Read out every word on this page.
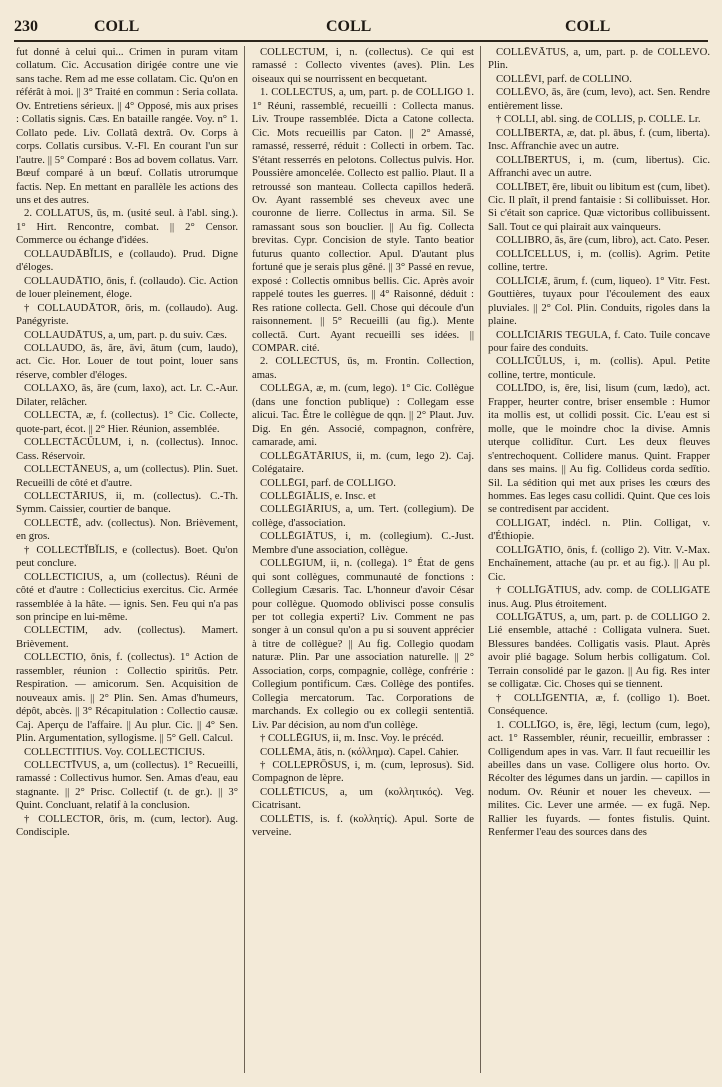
230	COLL	COLL	COLL
fut donné à celui qui... Crimen in puram vitam collatum. Cic. Accusation dirigée contre une vie sans tache. Rem ad me esse collatam. Cic. Qu'on en référât à moi. || 3° Traité en commun : Seria collata. Ov. Entretiens sérieux. || 4° Opposé, mis aux prises : Collatis signis. Cæs. En bataille rangée. Voy. n° 1. Collato pede. Liv. Collatâ dextrâ. Ov. Corps à corps. Collatis cursibus. V.-Fl. En courant l'un sur l'autre. || 5° Comparé : Bos ad bovem collatus. Varr. Bœuf comparé à un bœuf. Collatis utrorumque factis. Nep. En mettant en parallèle les actions des uns et des autres.
2. COLLATUS, ūs, m. (usité seul. à l'abl. sing.). 1° Hirt. Rencontre, combat. || 2° Censor. Commerce ou échange d'idées.
COLLAUDĀBĬLIS, e (collaudo). Prud. Digne d'éloges.
COLLAUDĀTIO, ōnis, f. (collaudo). Cic. Action de louer pleinement, éloge.
† COLLAUDĀTOR, ōris, m. (collaudo). Aug. Panégyriste.
COLLAUDĀTUS, a, um, part. p. du suiv. Cæs.
COLLAUDO, ās, āre, āvi, ātum (cum, laudo), act. Cic. Hor. Louer de tout point, louer sans réserve, combler d'éloges.
COLLAXO, ās, āre (cum, laxo), act. Lr. C.-Aur. Dilater, relâcher.
COLLECTA, æ, f. (collectus). 1° Cic. Collecte, quote-part, écot. || 2° Hier. Réunion, assemblée.
COLLECTĀCŬLUM, i, n. (collectus). Innoc. Cass. Réservoir.
COLLECTĀNEUS, a, um (collectus). Plin. Suet. Recueilli de côté et d'autre.
COLLECTĀRIUS, ii, m. (collectus). C.-Th. Symm. Caissier, courtier de banque.
COLLECTĒ, adv. (collectus). Non. Brièvement, en gros.
† COLLECTĬBĬLIS, e (collectus). Boet. Qu'on peut conclure.
COLLECTICIUS, a, um (collectus). Réuni de côté et d'autre : Collecticius exercitus. Cic. Armée rassemblée à la hâte. — ignis. Sen. Feu qui n'a pas son principe en lui-même.
COLLECTIM, adv. (collectus). Mamert. Brièvement.
COLLECTIO, ōnis, f. (collectus). 1° Action de rassembler, réunion : Collectio spiritūs. Petr. Respiration. — amicorum. Sen. Acquisition de nouveaux amis. || 2° Plin. Sen. Amas d'humeurs, dépôt, abcès. || 3° Récapitulation : Collectio causæ. Caj. Aperçu de l'affaire. || Au plur. Cic. || 4° Sen. Plin. Argumentation, syllogisme. || 5° Gell. Calcul.
COLLECTITIUS. Voy. COLLECTICIUS.
COLLECTĪVUS, a, um (collectus). 1° Recueilli, ramassé : Collectivus humor. Sen. Amas d'eau, eau stagnante. || 2° Prisc. Collectif (t. de gr.). || 3° Quint. Concluant, relatif à la conclusion.
† COLLECTOR, ōris, m. (cum, lector). Aug. Condisciple.
COLLECTUM, i, n. (collectus). Ce qui est ramassé : Collecto viventes (aves). Plin. Les oiseaux qui se nourrissent en becquetant.
1. COLLECTUS, a, um, part. p. de COLLIGO 1. 1° Réuni, rassemblé, recueilli : Collecta manus. Liv. Troupe rassemblée. Dicta a Catone collecta. Cic. Mots recueillis par Caton. || 2° Amassé, ramassé, resserré, réduit : Collecti in orbem. Tac. S'étant resserrés en pelotons. Collectus pulvis. Hor. Poussière amoncelée. Collecto est pallio. Plaut. Il a retroussé son manteau. Collecta capillos hederā. Ov. Ayant rassemblé ses cheveux avec une couronne de lierre. Collectus in arma. Sil. Se ramassant sous son bouclier. || Au fig. Collecta brevitas. Cypr. Concision de style. Tanto beatior futurus quanto collectior. Apul. D'autant plus fortuné que je serais plus gêné. || 3° Passé en revue, exposé : Collectis omnibus bellis. Cic. Après avoir rappelé toutes les guerres. || 4° Raisonné, déduit : Res ratione collecta. Gell. Chose qui découle d'un raisonnement. || 5° Recueilli (au fig.). Mente collectā. Curt. Ayant recueilli ses idées. || COMPAR. cité.
2. COLLECTUS, ūs, m. Frontin. Collection, amas.
COLLĒGA, æ, m. (cum, lego). 1° Cic. Collègue (dans une fonction publique) : Collegam esse alicui. Tac. Être le collègue de qqn. || 2° Plaut. Juv. Dig. En gén. Associé, compagnon, confrère, camarade, ami.
COLLĒGĀTĀRIUS, ii, m. (cum, lego 2). Caj. Colégataire.
COLLĒGI, parf. de COLLIGO.
COLLĒGIĀLIS, e. Insc. et
COLLĒGIĀRIUS, a, um. Tert. (collegium). De collège, d'association.
COLLĒGIĀTUS, i, m. (collegium). C.-Just. Membre d'une association, collègue.
COLLĒGIUM, ii, n. (collega). 1° État de gens qui sont collègues, communauté de fonctions : Collegium Cæsaris. Tac. L'honneur d'avoir César pour collègue. Quomodo oblivisci posse consulis per tot collegia experti? Liv. Comment ne pas songer à un consul qu'on a pu si souvent apprécier à titre de collègue? || Au fig. Collegio quodam naturæ. Plin. Par une association naturelle. || 2° Association, corps, compagnie, collège, confrérie : Collegium pontificum. Cæs. Collège des pontifes. Collegia mercatorum. Tac. Corporations de marchands. Ex collegio ou ex collegii sententiā. Liv. Par décision, au nom d'un collège.
† COLLĒGIUS, ii, m. Insc. Voy. le précéd.
COLLĒMA, ătis, n. (κόλλημα). Capel. Cahier.
† COLLEPRŌSUS, i, m. (cum, leprosus). Sid. Compagnon de lèpre.
COLLĒTICUS, a, um (κολλητικός). Veg. Cicatrisant.
COLLĒTIS, is. f. (κολλητίς). Apul. Sorte de verveine.
COLLĒVĀTUS, a, um, part. p. de COLLEVO. Plin.
COLLĒVI, parf. de COLLINO.
COLLĒVO, ās, āre (cum, levo), act. Sen. Rendre entièrement lisse.
† COLLI, abl. sing. de COLLIS, p. COLLE. Lr.
COLLĪBERTA, æ, dat. pl. ābus, f. (cum, liberta). Insc. Affranchie avec un autre.
COLLĪBERTUS, i, m. (cum, libertus). Cic. Affranchi avec un autre.
COLLĪBET, ēre, libuit ou libitum est (cum, libet). Cic. Il plaît, il prend fantaisie : Si collibuisset. Hor. Si c'était son caprice. Quæ victoribus collibuissent. Sall. Tout ce qui plairait aux vainqueurs.
COLLIBRO, ās, āre (cum, libro), act. Cato. Peser.
COLLĪCELLUS, i, m. (collis). Agrim. Petite colline, tertre.
COLLĪCIÆ, ārum, f. (cum, liqueo). 1° Vitr. Fest. Gouttières, tuyaux pour l'écoulement des eaux pluviales. || 2° Col. Plin. Conduits, rigoles dans la plaine.
COLLĪCIĀRIS TEGULA, f. Cato. Tuile concave pour faire des conduits.
COLLĪCŬLUS, i, m. (collis). Apul. Petite colline, tertre, monticule.
COLLĪDO, is, ēre, lisi, lisum (cum, lædo), act. Frapper, heurter contre, briser ensemble : Humor ita mollis est, ut collidi possit. Cic. L'eau est si molle, que le moindre choc la divise. Amnis uterque collidītur. Curt. Les deux fleuves s'entrechoquent. Collidere manus. Quint. Frapper dans ses mains. || Au fig. Collideus corda sedītio. Sil. La sédition qui met aux prises les cœurs des hommes. Eas leges casu collidi. Quint. Que ces lois se contredisent par accident.
COLLIGAT, indécl. n. Plin. Colligat, v. d'Éthiopie.
COLLĪGĀTIO, ōnis, f. (colligo 2). Vitr. V.-Max. Enchaînement, attache (au pr. et au fig.). || Au pl. Cic.
† COLLĪGĀTIUS, adv. comp. de COLLIGATE inus. Aug. Plus étroitement.
COLLĪGĀTUS, a, um, part. p. de COLLIGO 2. Lié ensemble, attaché : Colligata vulnera. Suet. Blessures bandées. Colligatis vasis. Plaut. Après avoir plié bagage. Solum herbis colligatum. Col. Terrain consolidé par le gazon. || Au fig. Res inter se colligatæ. Cic. Choses qui se tiennent.
† COLLĪGENTIA, æ, f. (colligo 1). Boet. Conséquence.
1. COLLĪGO, is, ēre, lēgi, lectum (cum, lego), act. 1° Rassembler, réunir, recueillir, embrasser : Colligendum apes in vas. Varr. Il faut recueillir les abeilles dans un vase. Colligere olus horto. Ov. Récolter des légumes dans un jardin. — capillos in nodum. Ov. Réunir et nouer les cheveux. — milites. Cic. Lever une armée. — ex fugā. Nep. Rallier les fuyards. — fontes fistulis. Quint. Renfermer l'eau des sources dans des
